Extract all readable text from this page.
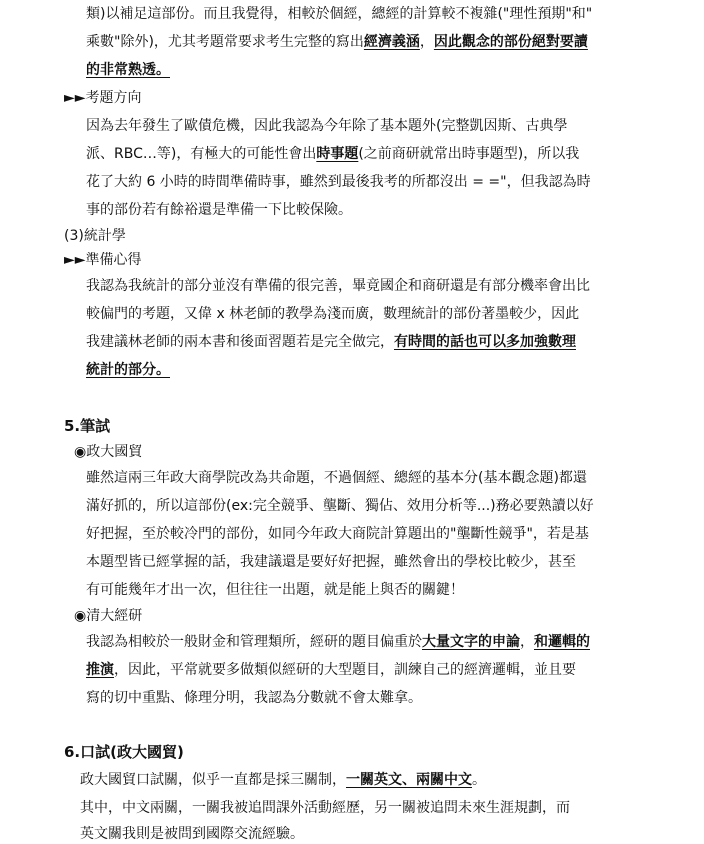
類)以補足這部份。而且我覺得，相較於個經，總經的計算較不複雜("理性預期"和"
乘數"除外)，尤其考題常要求考生完整的寫出經濟義涵，因此觀念的部份絕對要讀
的非常熟透。
►►考題方向
因為去年發生了歐債危機，因此我認為今年除了基本題外(完整凱因斯、古典學
派、RBC…等)，有極大的可能性會出時事題(之前商研就常出時事題型)，所以我
花了大約 6 小時的時間準備時事，雖然到最後我考的所都沒出 = ="，但我認為時
事的部份若有餘裕還是準備一下比較保險。
(3)統計學
►►準備心得
我認為我統計的部分並沒有準備的很完善，畢竟國企和商研還是有部分機率會出比
較偏門的考題，又偉 x 林老師的教學為淺而廣，數理統計的部份著墨較少，因此
我建議林老師的兩本書和後面習題若是完全做完，有時間的話也可以多加強數理
統計的部分。
5.筆試
◉政大國貿
雖然這兩三年政大商學院改為共命題，不過個經、總經的基本分(基本觀念題)都還
滿好抓的，所以這部份(ex:完全競爭、壟斷、獨佔、效用分析等...)務必要熟讀以好
好把握，至於較冷門的部份，如同今年政大商院計算題出的"壟斷性競爭"，若是基
本題型皆已經掌握的話，我建議還是要好好把握，雖然會出的學校比較少，甚至
有可能幾年才出一次，但往往一出題，就是能上與否的關鍵！
◉清大經研
我認為相較於一般財金和管理類所，經研的題目偏重於大量文字的申論，和邏輯的
推演，因此，平常就要多做類似經研的大型題目，訓練自己的經濟邏輯，並且要
寫的切中重點、條理分明，我認為分數就不會太難拿。
6.口試(政大國貿)
政大國貿口試關，似乎一直都是採三關制，一關英文、兩關中文。
其中，中文兩關，一關我被追問課外活動經歷，另一關被追問未來生涯規劃，而
英文關我則是被問到國際交流經驗。
